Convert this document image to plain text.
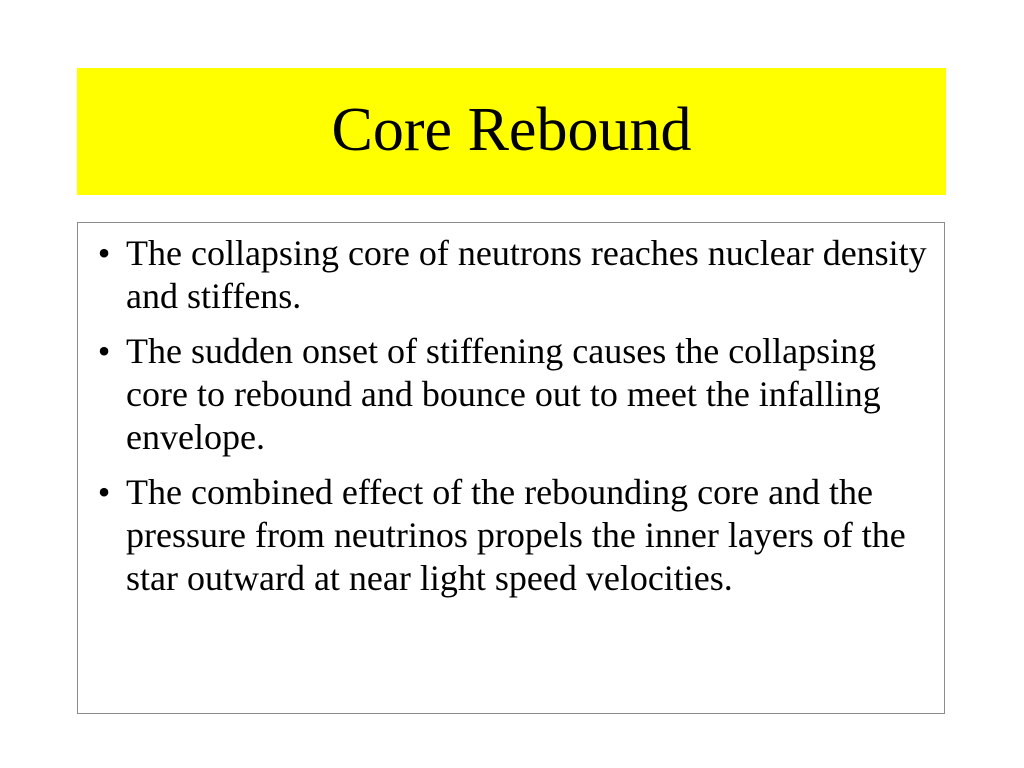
Core Rebound
• The collapsing core of neutrons reaches nuclear density and stiffens.
• The sudden onset of stiffening causes the collapsing core to rebound and bounce out to meet the infalling envelope.
• The combined effect of the rebounding core and the pressure from neutrinos propels the inner layers of the star outward at near light speed velocities.
